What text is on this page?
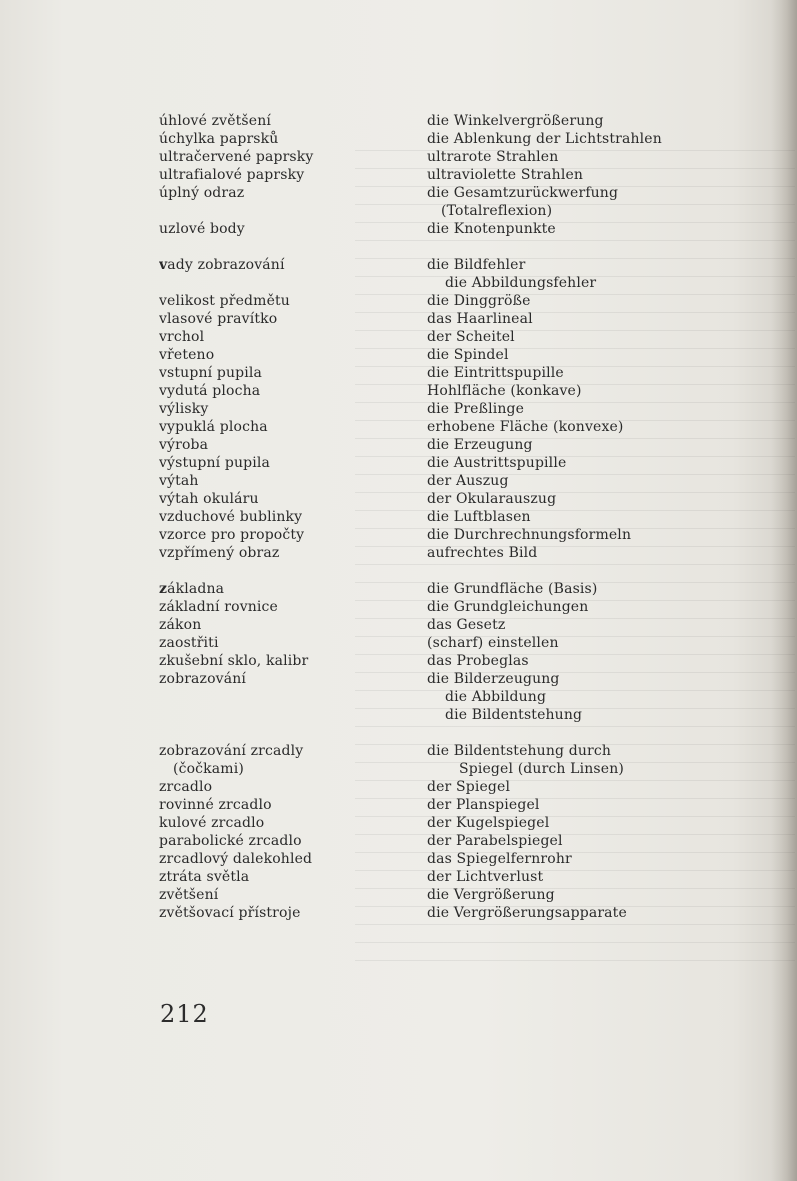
úhlové zvětšení	die Winkelvergrößerung
úchylka paprsků	die Ablenkung der Lichtstrahlen
ultračervené paprsky	ultrarote Strahlen
ultrafialové paprsky	ultraviolette Strahlen
úplný odraz	die Gesamtzurückwerfung
(Totalreflexion)
uzlové body	die Knotenpunkte
vady zobrazování	die Bildfehler
die Abbildungsfehler
velikost předmětu	die Dinggröße
vlasové pravítko	das Haarlineal
vrchol	der Scheitel
vřeteno	die Spindel
vstupní pupila	die Eintrittspupille
vydutá plocha	Hohlfläche (konkave)
výlisky	die Preßlinge
vypuklá plocha	erhobene Fläche (konvexe)
výroba	die Erzeugung
výstupní pupila	die Austrittspupille
výtah	der Auszug
výtah okuláru	der Okularauszug
vzduchové bublinky	die Luftblasen
vzorce pro propočty	die Durchrechnungsformeln
vzpřímený obraz	aufrechtes Bild
základna	die Grundfläche (Basis)
základní rovnice	die Grundgleichungen
zákon	das Gesetz
zaostřiti	(scharf) einstellen
zkušební sklo, kalibr	das Probeglas
zobrazování	die Bilderzeugung
die Abbildung
die Bildentstehung
zobrazování zrcadly	die Bildentstehung durch
(čočkami)	Spiegel (durch Linsen)
zrcadlo	der Spiegel
rovinné zrcadlo	der Planspiegel
kulové zrcadlo	der Kugelspiegel
parabolické zrcadlo	der Parabelspiegel
zrcadlový dalekohled	das Spiegelfernrohr
ztráta světla	der Lichtverlust
zvětšení	die Vergrößerung
zvětšovací přístroje	die Vergrößerungsapparate
212
